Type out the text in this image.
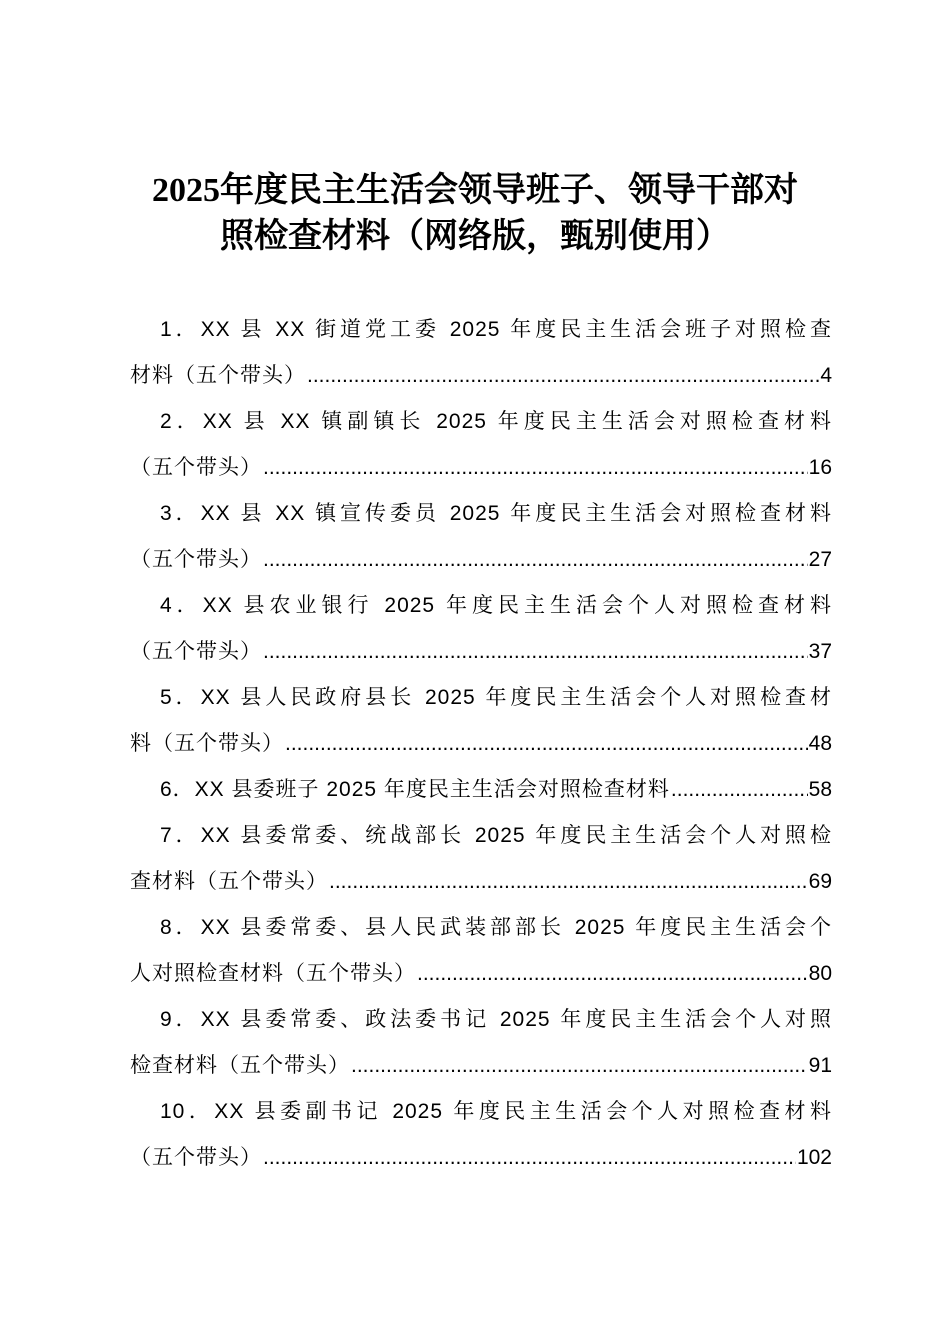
2025年度民主生活会领导班子、领导干部对
照检查材料（网络版，甄别使用）
1．XX 县 XX 街道党工委 2025 年度民主生活会班子对照检查
材料（五个带头） .....	4
2．XX 县 XX 镇副镇长 2025 年度民主生活会对照检查材料
（五个带头） .....	16
3．XX 县 XX 镇宣传委员 2025 年度民主生活会对照检查材料
（五个带头） .....	27
4．XX 县农业银行 2025 年度民主生活会个人对照检查材料
（五个带头） .....	37
5．XX 县人民政府县长 2025 年度民主生活会个人对照检查材
料（五个带头） .....	48
6．XX 县委班子 2025 年度民主生活会对照检查材料 .....	58
7．XX 县委常委、统战部长 2025 年度民主生活会个人对照检
查材料（五个带头） .....	69
8．XX 县委常委、县人民武装部部长 2025 年度民主生活会个
人对照检查材料（五个带头） .....	80
9．XX 县委常委、政法委书记 2025 年度民主生活会个人对照
检查材料（五个带头） .....	91
10．XX 县委副书记 2025 年度民主生活会个人对照检查材料
（五个带头） .....	102
